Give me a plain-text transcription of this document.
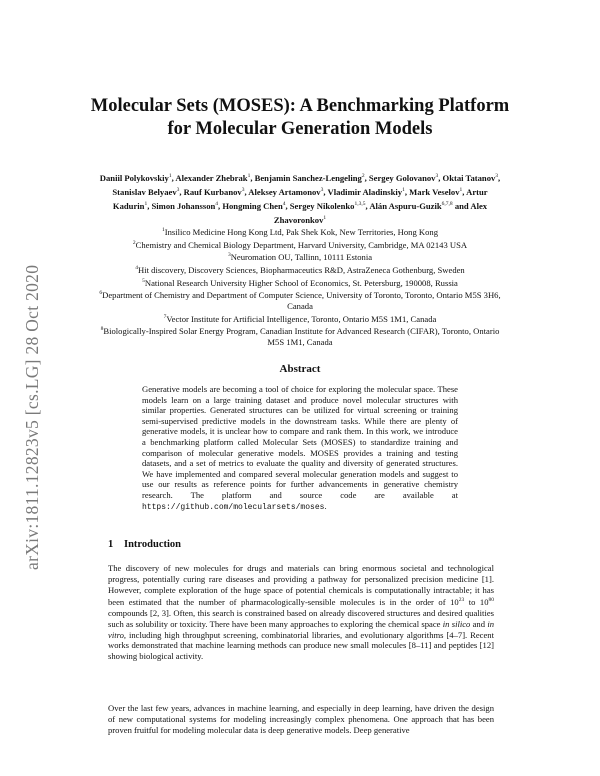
arXiv:1811.12823v5 [cs.LG] 28 Oct 2020
Molecular Sets (MOSES): A Benchmarking Platform
for Molecular Generation Models
Daniil Polykovskiy$^1$, Alexander Zhebrak$^1$, Benjamin Sanchez-Lengeling$^2$, Sergey Golovanov$^3$, Oktai Tatanov$^3$, Stanislav Belyaev$^3$, Rauf Kurbanov$^3$, Aleksey Artamonov$^3$, Vladimir Aladinskiy$^1$, Mark Veselov$^1$, Artur Kadurin$^1$, Simon Johansson$^4$, Hongming Chen$^4$, Sergey Nikolenko$^{1,3,5}$, Alán Aspuru-Guzik$^{6,7,8}$ and Alex Zhavoronkov$^1$
$^1$Insilico Medicine Hong Kong Ltd, Pak Shek Kok, New Territories, Hong Kong
$^2$Chemistry and Chemical Biology Department, Harvard University, Cambridge, MA 02143 USA
$^3$Neuromation OU, Tallinn, 10111 Estonia
$^4$Hit discovery, Discovery Sciences, Biopharmaceutics R&D, AstraZeneca Gothenburg, Sweden
$^5$National Research University Higher School of Economics, St. Petersburg, 190008, Russia
$^6$Department of Chemistry and Department of Computer Science, University of Toronto, Toronto, Ontario M5S 3H6, Canada
$^7$Vector Institute for Artificial Intelligence, Toronto, Ontario M5S 1M1, Canada
$^8$Biologically-Inspired Solar Energy Program, Canadian Institute for Advanced Research (CIFAR), Toronto, Ontario M5S 1M1, Canada
Abstract
Generative models are becoming a tool of choice for exploring the molecular space. These models learn on a large training dataset and produce novel molecular structures with similar properties. Generated structures can be utilized for virtual screening or training semi-supervised predictive models in the downstream tasks. While there are plenty of generative models, it is unclear how to compare and rank them. In this work, we introduce a benchmarking platform called Molecular Sets (MOSES) to standardize training and comparison of molecular generative models. MOSES provides a training and testing datasets, and a set of metrics to evaluate the quality and diversity of generated structures. We have implemented and compared several molecular generation models and suggest to use our results as reference points for further advancements in generative chemistry research. The platform and source code are available at https://github.com/molecularsets/moses.
1 Introduction
The discovery of new molecules for drugs and materials can bring enormous societal and technological progress, potentially curing rare diseases and providing a pathway for personalized precision medicine [1]. However, complete exploration of the huge space of potential chemicals is computationally intractable; it has been estimated that the number of pharmacologically-sensible molecules is in the order of $10^{23}$ to $10^{80}$ compounds [2, 3]. Often, this search is constrained based on already discovered structures and desired qualities such as solubility or toxicity. There have been many approaches to exploring the chemical space in silico and in vitro, including high throughput screening, combinatorial libraries, and evolutionary algorithms [4–7]. Recent works demonstrated that machine learning methods can produce new small molecules [8–11] and peptides [12] showing biological activity.
Over the last few years, advances in machine learning, and especially in deep learning, have driven the design of new computational systems for modeling increasingly complex phenomena. One approach that has been proven fruitful for modeling molecular data is deep generative models. Deep generative
